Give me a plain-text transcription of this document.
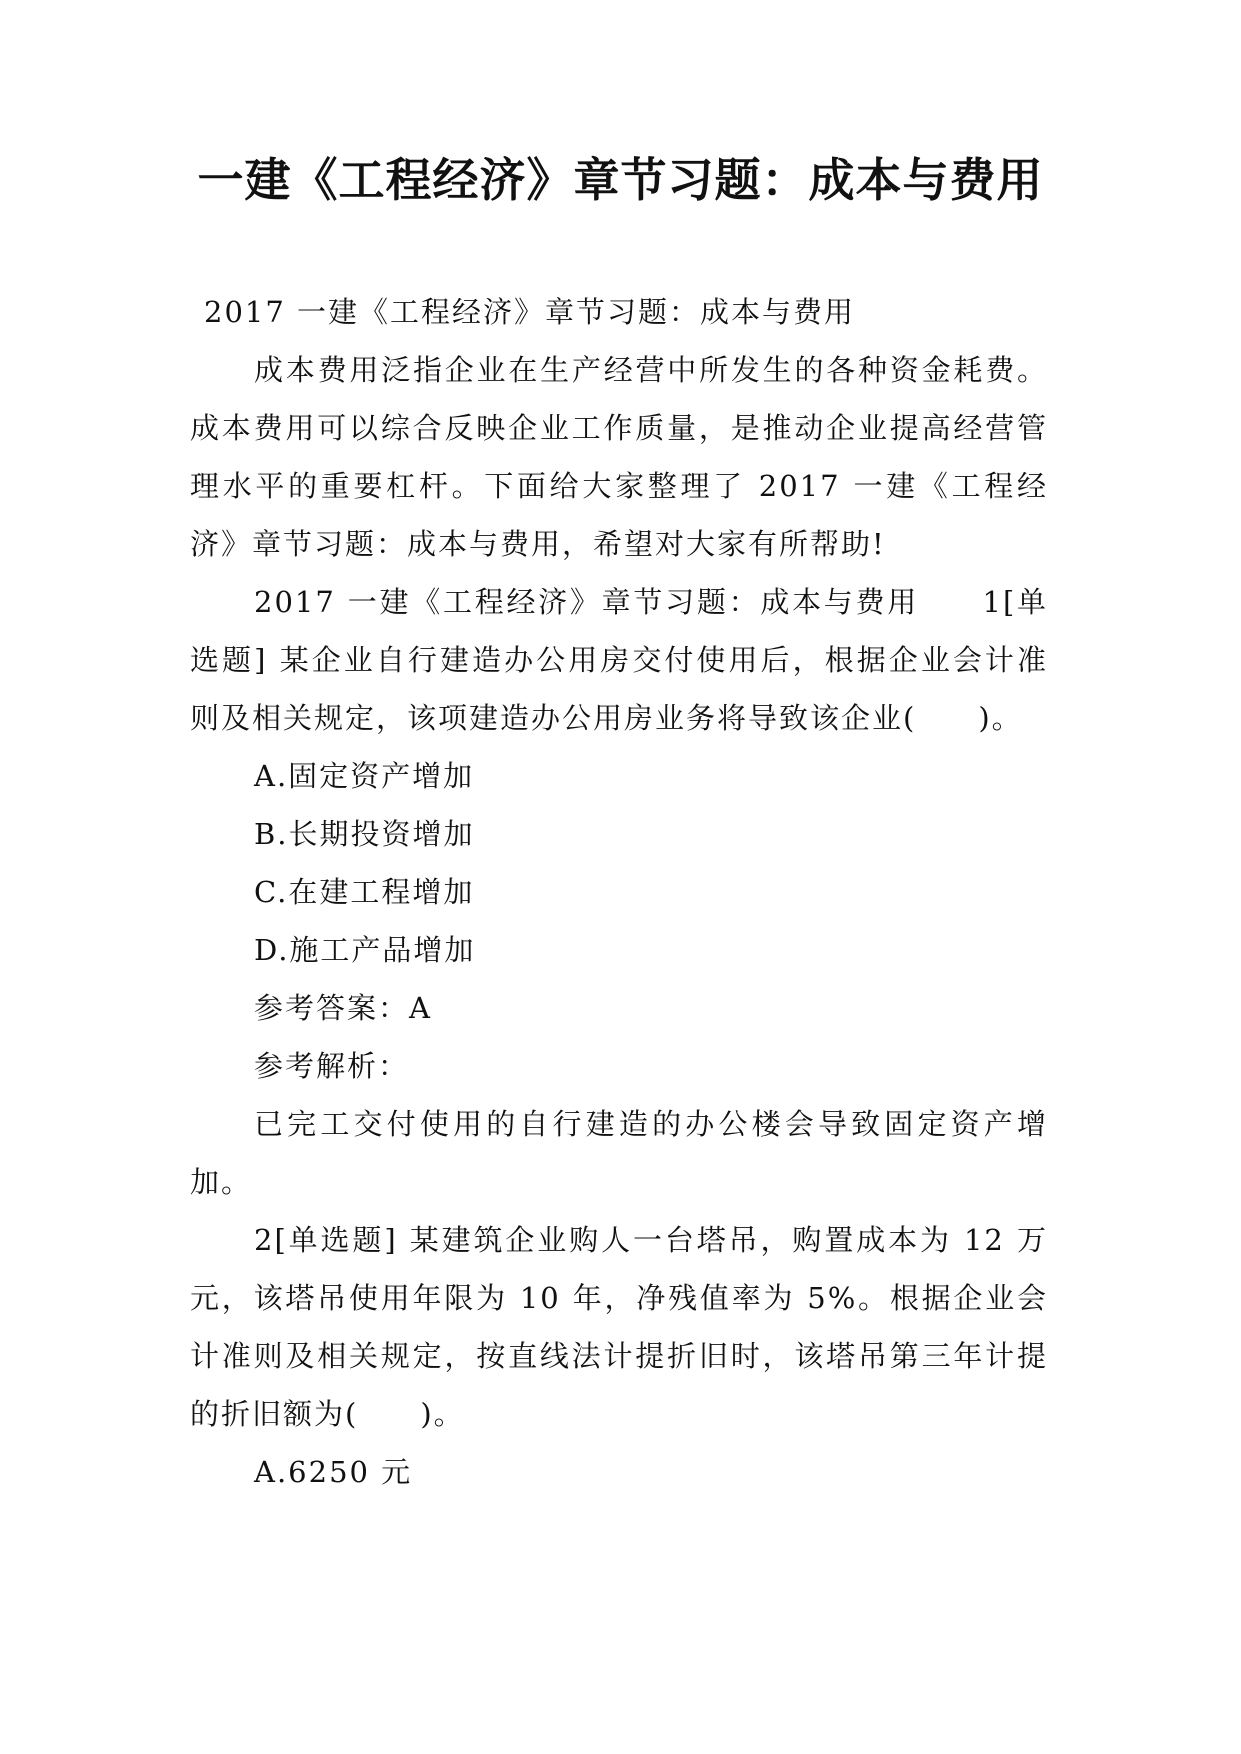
一建《工程经济》章节习题：成本与费用

2017 一建《工程经济》章节习题：成本与费用

成本费用泛指企业在生产经营中所发生的各种资金耗费。成本费用可以综合反映企业工作质量，是推动企业提高经营管理水平的重要杠杆。下面给大家整理了 2017 一建《工程经济》章节习题：成本与费用，希望对大家有所帮助!

2017 一建《工程经济》章节习题：成本与费用　　1[单选题] 某企业自行建造办公用房交付使用后，根据企业会计准则及相关规定，该项建造办公用房业务将导致该企业(　　)。

A.固定资产增加

B.长期投资增加

C.在建工程增加

D.施工产品增加

参考答案：A

参考解析：

已完工交付使用的自行建造的办公楼会导致固定资产增加。

2[单选题] 某建筑企业购人一台塔吊，购置成本为 12 万元，该塔吊使用年限为 10 年，净残值率为 5%。根据企业会计准则及相关规定，按直线法计提折旧时，该塔吊第三年计提的折旧额为(　　)。

A.6250 元
